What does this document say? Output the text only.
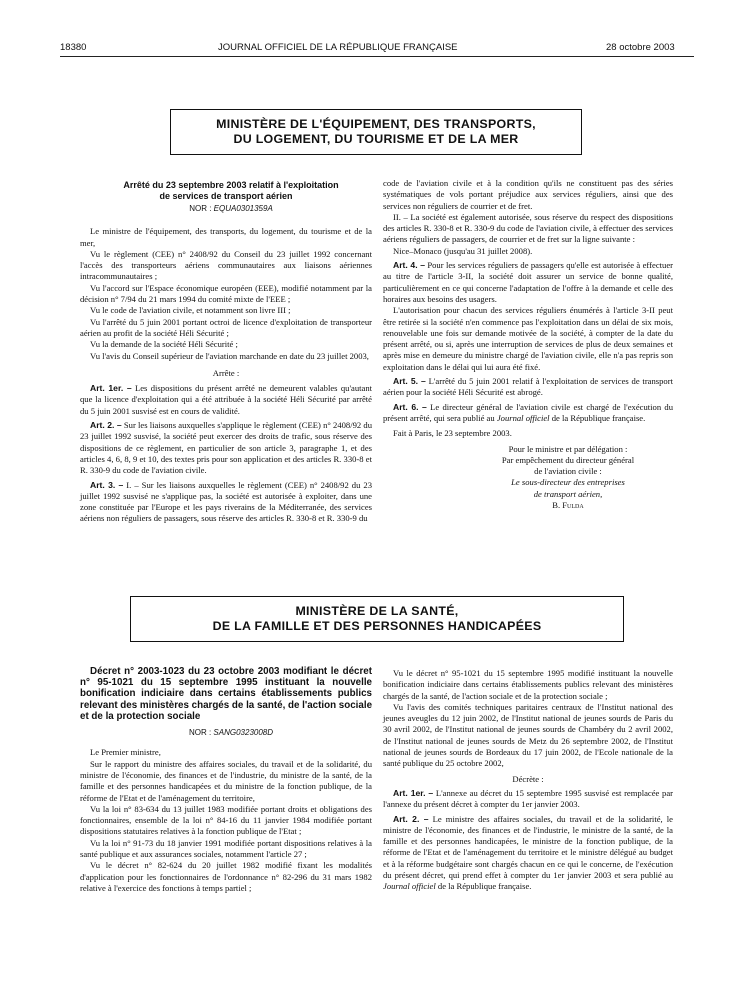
18380	JOURNAL OFFICIEL DE LA RÉPUBLIQUE FRANÇAISE	28 octobre 2003
MINISTÈRE DE L'ÉQUIPEMENT, DES TRANSPORTS,
DU LOGEMENT, DU TOURISME ET DE LA MER

Arrêté du 23 septembre 2003 relatif à l'exploitation
de services de transport aérien

NOR : EQUA0301359A

Le ministre de l'équipement, des transports, du logement, du tourisme et de la mer,

Vu le règlement (CEE) n° 2408/92 du Conseil du 23 juillet 1992 concernant l'accès des transporteurs aériens communautaires aux liaisons aériennes intracommunautaires ;

Vu l'accord sur l'Espace économique européen (EEE), modifié notamment par la décision n° 7/94 du 21 mars 1994 du comité mixte de l'EEE ;

Vu le code de l'aviation civile, et notamment son livre III ;

Vu l'arrêté du 5 juin 2001 portant octroi de licence d'exploitation de transporteur aérien au profit de la société Héli Sécurité ;

Vu la demande de la société Héli Sécurité ;

Vu l'avis du Conseil supérieur de l'aviation marchande en date du 23 juillet 2003,

Arrête :

Art. 1er. – Les dispositions du présent arrêté ne demeurent valables qu'autant que la licence d'exploitation qui a été attribuée à la société Héli Sécurité par arrêté du 5 juin 2001 susvisé est en cours de validité.

Art. 2. – Sur les liaisons auxquelles s'applique le règlement (CEE) n° 2408/92 du 23 juillet 1992 susvisé, la société peut exercer des droits de trafic, sous réserve des dispositions de ce règlement, en particulier de son article 3, paragraphe 1, et des articles 4, 6, 8, 9 et 10, des textes pris pour son application et des articles R. 330-8 et R. 330-9 du code de l'aviation civile.

Art. 3. – I. – Sur les liaisons auxquelles le règlement (CEE) n° 2408/92 du 23 juillet 1992 susvisé ne s'applique pas, la société est autorisée à exploiter, dans une zone constituée par l'Europe et les pays riverains de la Méditerranée, des services aériens non réguliers de passagers, sous réserve des articles R. 330-8 et R. 330-9 du

code de l'aviation civile et à la condition qu'ils ne constituent pas des séries systématiques de vols portant préjudice aux services réguliers, ainsi que des services non réguliers de courrier et de fret.

II. – La société est également autorisée, sous réserve du respect des dispositions des articles R. 330-8 et R. 330-9 du code de l'aviation civile, à effectuer des services aériens réguliers de passagers, de courrier et de fret sur la ligne suivante :

Nice–Monaco (jusqu'au 31 juillet 2008).

Art. 4. – Pour les services réguliers de passagers qu'elle est autorisée à effectuer au titre de l'article 3-II, la société doit assurer un service de bonne qualité, particulièrement en ce qui concerne l'adaptation de l'offre à la demande et celle des horaires aux besoins des usagers.

L'autorisation pour chacun des services réguliers énumérés à l'article 3-II peut être retirée si la société n'en commence pas l'exploitation dans un délai de six mois, renouvelable une fois sur demande motivée de la société, à compter de la date du présent arrêté, ou si, après une interruption de services de plus de deux semaines et après mise en demeure du ministre chargé de l'aviation civile, elle n'a pas repris son exploitation dans le délai qui lui aura été fixé.

Art. 5. – L'arrêté du 5 juin 2001 relatif à l'exploitation de services de transport aérien pour la société Héli Sécurité est abrogé.

Art. 6. – Le directeur général de l'aviation civile est chargé de l'exécution du présent arrêté, qui sera publié au Journal officiel de la République française.

Fait à Paris, le 23 septembre 2003.

Pour le ministre et par délégation :
Par empêchement du directeur général
de l'aviation civile :
Le sous-directeur des entreprises
de transport aérien,
B. Fulda
MINISTÈRE DE LA SANTÉ,
DE LA FAMILLE ET DES PERSONNES HANDICAPÉES

Décret n° 2003-1023 du 23 octobre 2003 modifiant le décret n° 95-1021 du 15 septembre 1995 instituant la nouvelle bonification indiciaire dans certains établissements publics relevant des ministères chargés de la santé, de l'action sociale et de la protection sociale

NOR : SANG0323008D

Le Premier ministre,

Sur le rapport du ministre des affaires sociales, du travail et de la solidarité, du ministre de l'économie, des finances et de l'industrie, du ministre de la santé, de la famille et des personnes handicapées et du ministre de la fonction publique, de la réforme de l'Etat et de l'aménagement du territoire,

Vu la loi n° 83-634 du 13 juillet 1983 modifiée portant droits et obligations des fonctionnaires, ensemble de la loi n° 84-16 du 11 janvier 1984 modifiée portant dispositions statutaires relatives à la fonction publique de l'Etat ;

Vu la loi n° 91-73 du 18 janvier 1991 modifiée portant dispositions relatives à la santé publique et aux assurances sociales, notamment l'article 27 ;

Vu le décret n° 82-624 du 20 juillet 1982 modifié fixant les modalités d'application pour les fonctionnaires de l'ordonnance n° 82-296 du 31 mars 1982 relative à l'exercice des fonctions à temps partiel ;

Vu le décret n° 95-1021 du 15 septembre 1995 modifié instituant la nouvelle bonification indiciaire dans certains établissements publics relevant des ministères chargés de la santé, de l'action sociale et de la protection sociale ;

Vu l'avis des comités techniques paritaires centraux de l'Institut national des jeunes aveugles du 12 juin 2002, de l'Institut national de jeunes sourds de Paris du 30 avril 2002, de l'Institut national de jeunes sourds de Chambéry du 2 avril 2002, de l'Institut national de jeunes sourds de Metz du 26 septembre 2002, de l'Institut national de jeunes sourds de Bordeaux du 17 juin 2002, de l'Ecole nationale de la santé publique du 25 octobre 2002,

Décrète :

Art. 1er. – L'annexe au décret du 15 septembre 1995 susvisé est remplacée par l'annexe du présent décret à compter du 1er janvier 2003.

Art. 2. – Le ministre des affaires sociales, du travail et de la solidarité, le ministre de l'économie, des finances et de l'industrie, le ministre de la santé, de la famille et des personnes handicapées, le ministre de la fonction publique, de la réforme de l'Etat et de l'aménagement du territoire et le ministre délégué au budget et à la réforme budgétaire sont chargés chacun en ce qui le concerne, de l'exécution du présent décret, qui prend effet à compter du 1er janvier 2003 et sera publié au Journal officiel de la République française.
